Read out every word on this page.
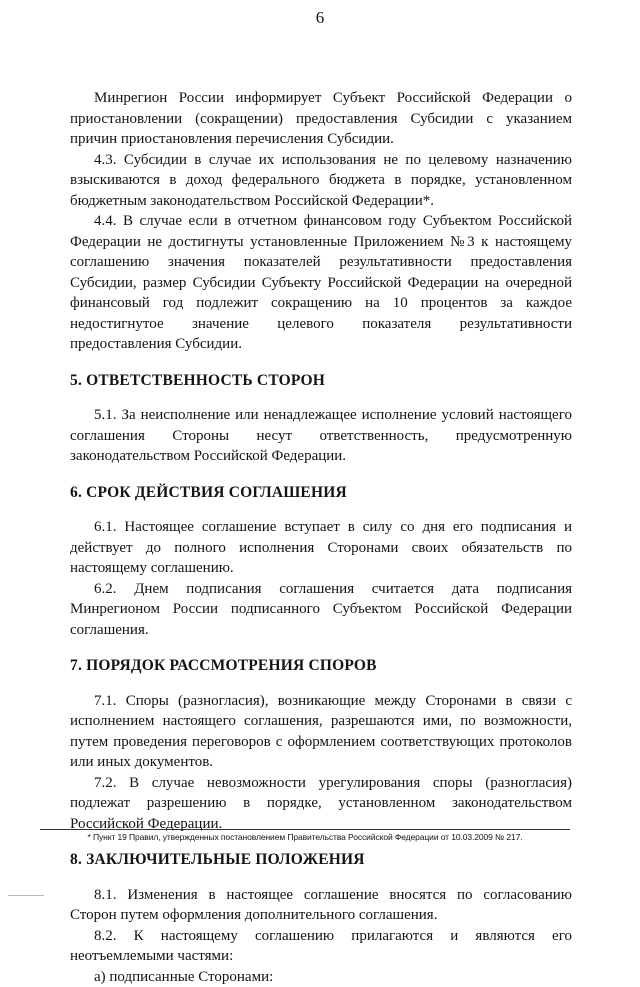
6

Минрегион России информирует Субъект Российской Федерации о приостановлении (сокращении) предоставления Субсидии с указанием причин приостановления перечисления Субсидии.

4.3. Субсидии в случае их использования не по целевому назначению взыскиваются в доход федерального бюджета в порядке, установленном бюджетным законодательством Российской Федерации*.

4.4. В случае если в отчетном финансовом году Субъектом Российской Федерации не достигнуты установленные Приложением №3 к настоящему соглашению значения показателей результативности предоставления Субсидии, размер Субсидии Субъекту Российской Федерации на очередной финансовый год подлежит сокращению на 10 процентов за каждое недостигнутое значение целевого показателя результативности предоставления Субсидии.

5. ОТВЕТСТВЕННОСТЬ СТОРОН

5.1. За неисполнение или ненадлежащее исполнение условий настоящего соглашения Стороны несут ответственность, предусмотренную законодательством Российской Федерации.

6. СРОК ДЕЙСТВИЯ СОГЛАШЕНИЯ

6.1. Настоящее соглашение вступает в силу со дня его подписания и действует до полного исполнения Сторонами своих обязательств по настоящему соглашению.

6.2. Днем подписания соглашения считается дата подписания Минрегионом России подписанного Субъектом Российской Федерации соглашения.

7. ПОРЯДОК РАССМОТРЕНИЯ СПОРОВ

7.1. Споры (разногласия), возникающие между Сторонами в связи с исполнением настоящего соглашения, разрешаются ими, по возможности, путем проведения переговоров с оформлением соответствующих протоколов или иных документов.

7.2. В случае невозможности урегулирования споры (разногласия) подлежат разрешению в порядке, установленном законодательством Российской Федерации.

8. ЗАКЛЮЧИТЕЛЬНЫЕ ПОЛОЖЕНИЯ

8.1. Изменения в настоящее соглашение вносятся по согласованию Сторон путем оформления дополнительного соглашения.

8.2. К настоящему соглашению прилагаются и являются его неотъемлемыми частями:

а) подписанные Сторонами:

* Пункт 19 Правил, утвержденных постановлением Правительства Российской Федерации от 10.03.2009 № 217.
